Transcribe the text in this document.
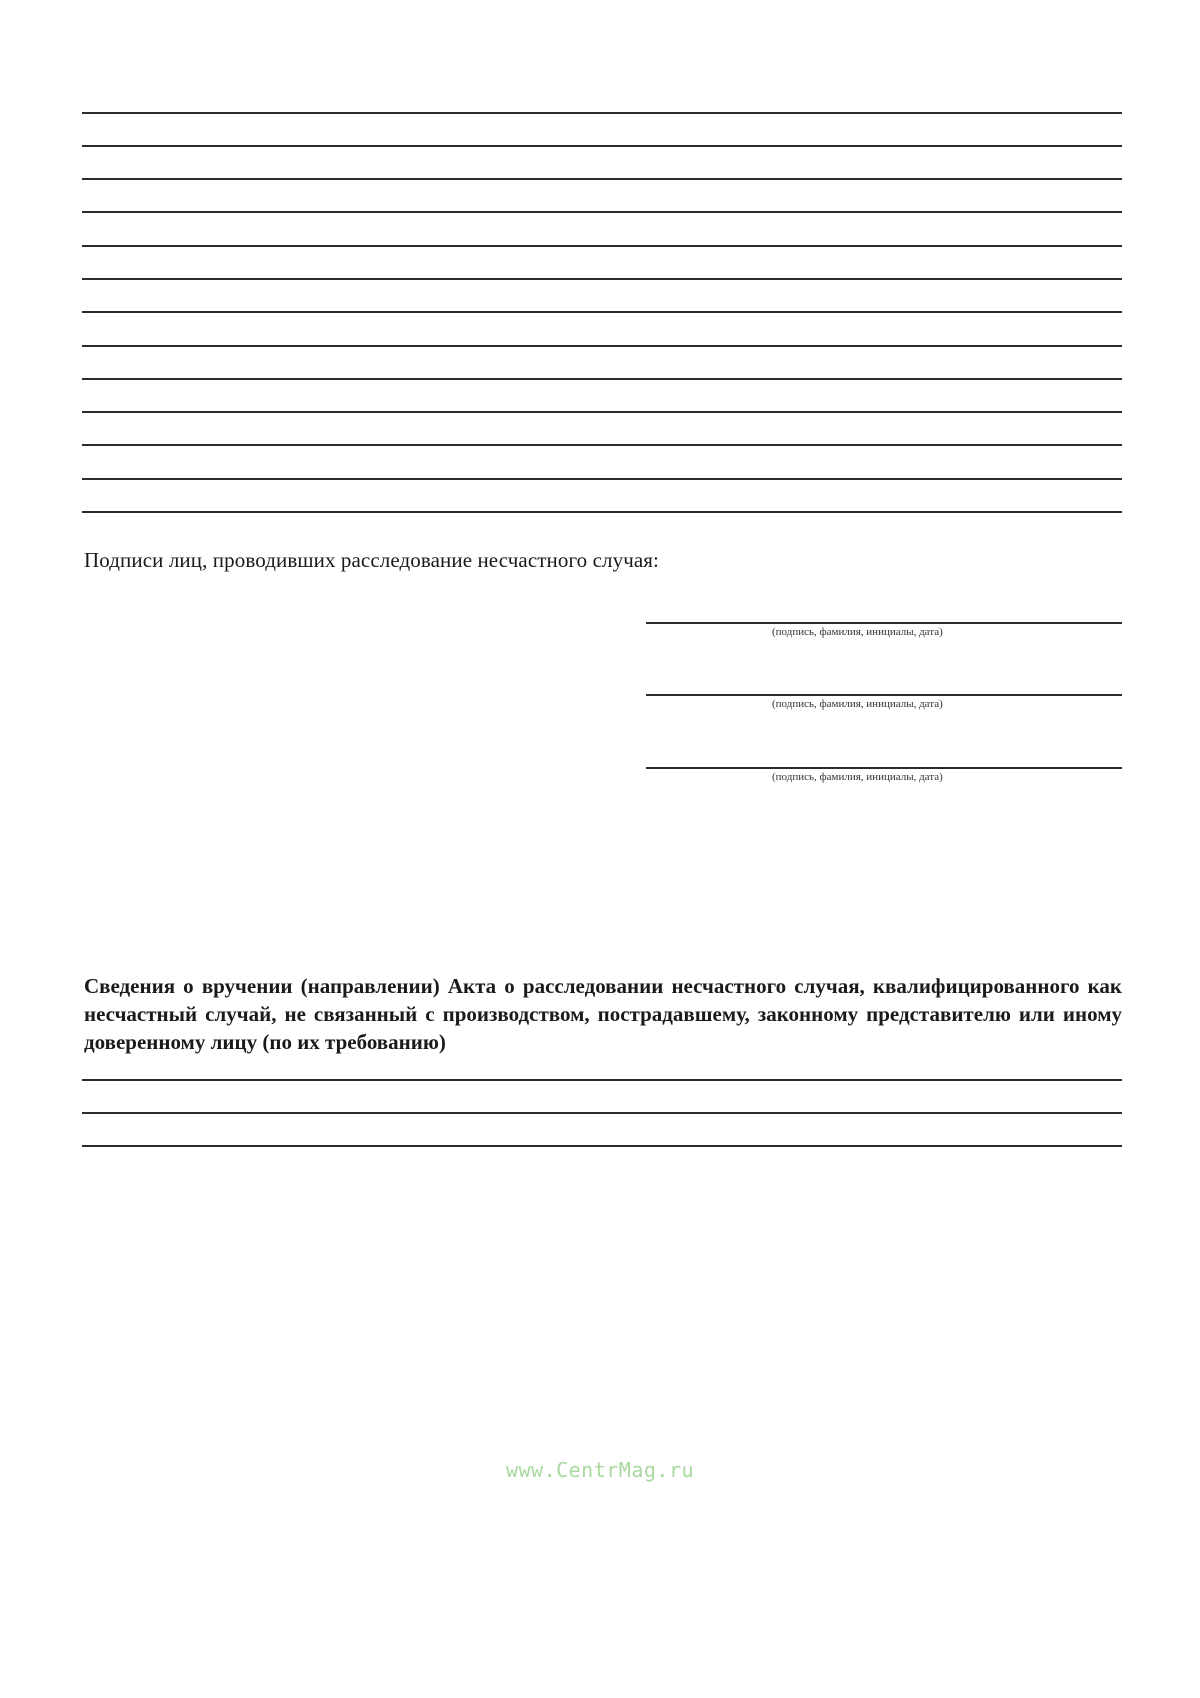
Подписи лиц, проводивших расследование несчастного случая:
(подпись, фамилия, инициалы, дата)
(подпись, фамилия, инициалы, дата)
(подпись, фамилия, инициалы, дата)
Сведения о вручении (направлении) Акта о расследовании несчастного случая, квалифицированного как несчастный случай, не связанный с производством, пострадавшему, законному представителю или иному доверенному лицу (по их требованию)
www.CentrMag.ru
